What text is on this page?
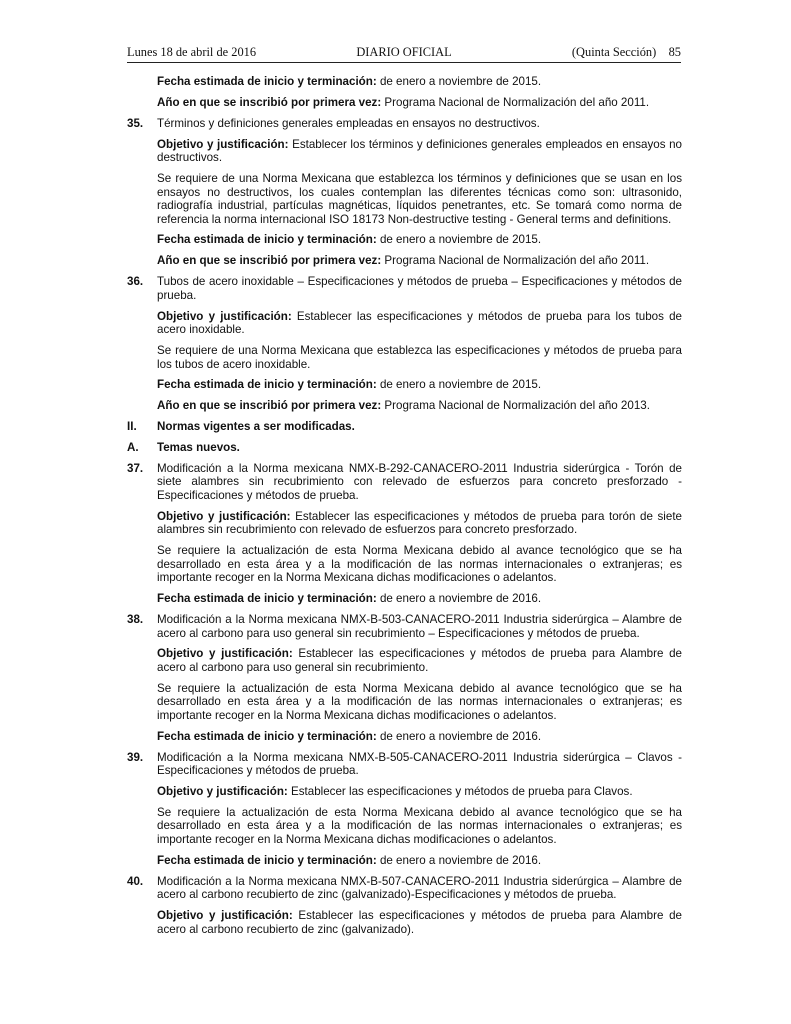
Lunes 18 de abril de 2016	DIARIO OFICIAL	(Quinta Sección) 85

Fecha estimada de inicio y terminación: de enero a noviembre de 2015.

Año en que se inscribió por primera vez: Programa Nacional de Normalización del año 2011.

35.	Términos y definiciones generales empleadas en ensayos no destructivos.

Objetivo y justificación: Establecer los términos y definiciones generales empleados en ensayos no destructivos.

Se requiere de una Norma Mexicana que establezca los términos y definiciones que se usan en los ensayos no destructivos, los cuales contemplan las diferentes técnicas como son: ultrasonido, radiografía industrial, partículas magnéticas, líquidos penetrantes, etc. Se tomará como norma de referencia la norma internacional ISO 18173 Non-destructive testing - General terms and definitions.

Fecha estimada de inicio y terminación: de enero a noviembre de 2015.

Año en que se inscribió por primera vez: Programa Nacional de Normalización del año 2011.

36.	Tubos de acero inoxidable – Especificaciones y métodos de prueba – Especificaciones y métodos de prueba.

Objetivo y justificación: Establecer las especificaciones y métodos de prueba para los tubos de acero inoxidable.

Se requiere de una Norma Mexicana que establezca las especificaciones y métodos de prueba para los tubos de acero inoxidable.

Fecha estimada de inicio y terminación: de enero a noviembre de 2015.

Año en que se inscribió por primera vez: Programa Nacional de Normalización del año 2013.

II.	Normas vigentes a ser modificadas.
A.	Temas nuevos.
37.	Modificación a la Norma mexicana NMX-B-292-CANACERO-2011 Industria siderúrgica - Torón de siete alambres sin recubrimiento con relevado de esfuerzos para concreto presforzado - Especificaciones y métodos de prueba.

Objetivo y justificación: Establecer las especificaciones y métodos de prueba para torón de siete alambres sin recubrimiento con relevado de esfuerzos para concreto presforzado.

Se requiere la actualización de esta Norma Mexicana debido al avance tecnológico que se ha desarrollado en esta área y a la modificación de las normas internacionales o extranjeras; es importante recoger en la Norma Mexicana dichas modificaciones o adelantos.

Fecha estimada de inicio y terminación: de enero a noviembre de 2016.

38.	Modificación a la Norma mexicana NMX-B-503-CANACERO-2011 Industria siderúrgica – Alambre de acero al carbono para uso general sin recubrimiento – Especificaciones y métodos de prueba.

Objetivo y justificación: Establecer las especificaciones y métodos de prueba para Alambre de acero al carbono para uso general sin recubrimiento.

Se requiere la actualización de esta Norma Mexicana debido al avance tecnológico que se ha desarrollado en esta área y a la modificación de las normas internacionales o extranjeras; es importante recoger en la Norma Mexicana dichas modificaciones o adelantos.

Fecha estimada de inicio y terminación: de enero a noviembre de 2016.

39.	Modificación a la Norma mexicana NMX-B-505-CANACERO-2011 Industria siderúrgica – Clavos - Especificaciones y métodos de prueba.

Objetivo y justificación: Establecer las especificaciones y métodos de prueba para Clavos.

Se requiere la actualización de esta Norma Mexicana debido al avance tecnológico que se ha desarrollado en esta área y a la modificación de las normas internacionales o extranjeras; es importante recoger en la Norma Mexicana dichas modificaciones o adelantos.

Fecha estimada de inicio y terminación: de enero a noviembre de 2016.

40.	Modificación a la Norma mexicana NMX-B-507-CANACERO-2011 Industria siderúrgica – Alambre de acero al carbono recubierto de zinc (galvanizado)-Especificaciones y métodos de prueba.

Objetivo y justificación: Establecer las especificaciones y métodos de prueba para Alambre de acero al carbono recubierto de zinc (galvanizado).
